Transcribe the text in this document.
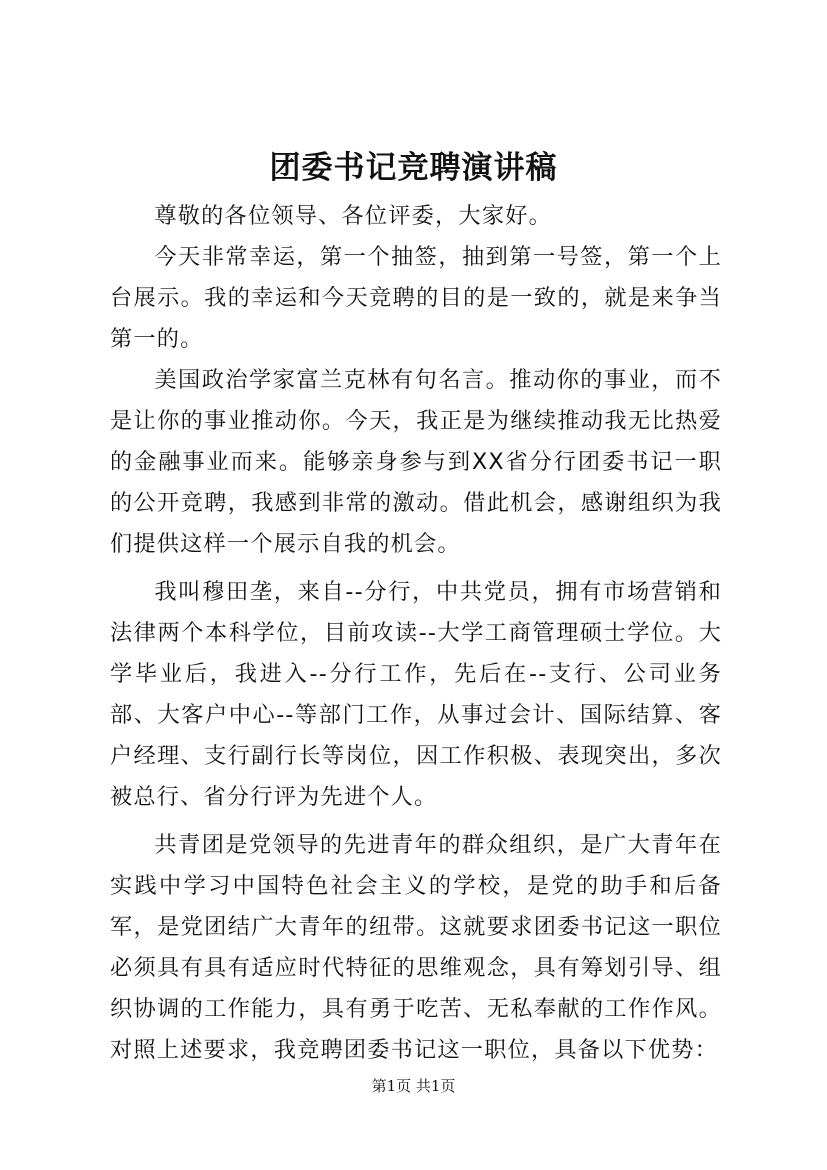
团委书记竞聘演讲稿

尊敬的各位领导、各位评委，大家好。

今天非常幸运，第一个抽签，抽到第一号签，第一个上台展示。我的幸运和今天竞聘的目的是一致的，就是来争当第一的。

美国政治学家富兰克林有句名言。推动你的事业，而不是让你的事业推动你。今天，我正是为继续推动我无比热爱的金融事业而来。能够亲身参与到XX省分行团委书记一职的公开竞聘，我感到非常的激动。借此机会，感谢组织为我们提供这样一个展示自我的机会。

我叫穆田垄，来自--分行，中共党员，拥有市场营销和法律两个本科学位，目前攻读--大学工商管理硕士学位。大学毕业后，我进入--分行工作，先后在--支行、公司业务部、大客户中心--等部门工作，从事过会计、国际结算、客户经理、支行副行长等岗位，因工作积极、表现突出，多次被总行、省分行评为先进个人。

共青团是党领导的先进青年的群众组织，是广大青年在实践中学习中国特色社会主义的学校，是党的助手和后备军，是党团结广大青年的纽带。这就要求团委书记这一职位必须具有具有适应时代特征的思维观念，具有筹划引导、组织协调的工作能力，具有勇于吃苦、无私奉献的工作作风。对照上述要求，我竞聘团委书记这一职位，具备以下优势：

第1页 共1页
